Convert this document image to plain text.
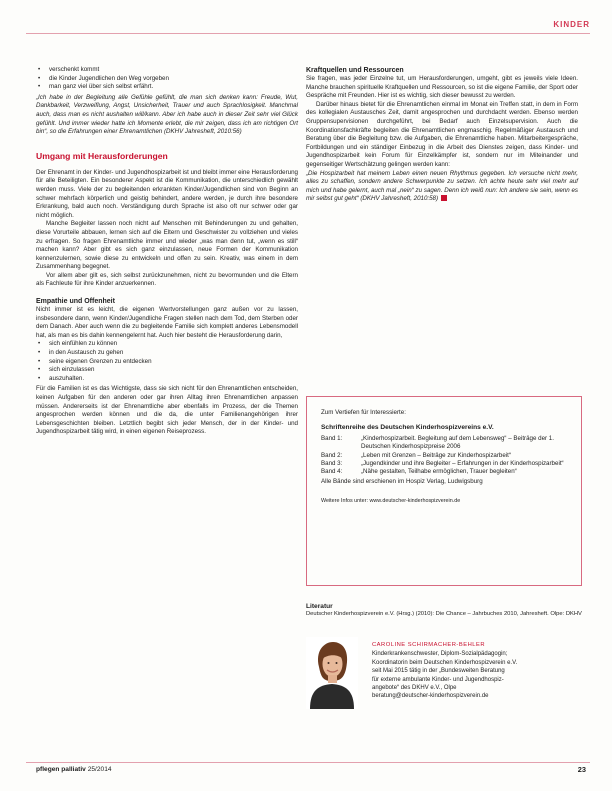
KINDER
• verschenkt kommt
• die Kinder Jugendlichen den Weg vorgeben
• man ganz viel über sich selbst erfährt.

„Ich habe in der Begleitung alle Gefühle gefühlt, die man sich denken kann: Freude, Wut, Dankbarkeit, Verzweiflung, Angst, Unsicherheit, Trauer und auch Sprachlosigkeit. Manchmal auch, dass man es nicht aushalten will/kann. Aber ich habe auch in dieser Zeit sehr viel Glück gefühlt. Und immer wieder hatte ich Momente erlebt, die mir zeigen, dass ich am richtigen Ort bin“, so die Erfahrungen einer Ehrenamtlichen (DKHV Jahresheft, 2010:56)

Umgang mit Herausforderungen

Der Ehrenamt in der Kinder- und Jugendhospizarbeit ist und bleibt immer eine Herausforderung für alle Beteiligten. Ein besonderer Aspekt ist die Kommunikation, die unterschiedlich gewählt werden muss. Viele der zu begleitenden erkrankten Kinder/Jugendlichen sind von Beginn an schwer mehrfach körperlich und geistig behindert, andere werden, je durch ihre besondere Erkrankung, bald auch noch. Verständigung durch Sprache ist also oft nur schwer oder gar nicht möglich.

Manche Begleiter lassen noch nicht auf Menschen mit Behinderungen zu und gehalten, diese Vorurteile abbauen, lernen sich auf die Eltern und Geschwister zu vollziehen und vieles zu erfragen. So fragen Ehrenamtliche immer und wieder „was man denn tut, „wenn es still“ machen kann? Aber gibt es sich ganz einzulassen, neue Formen der Kommunikation kennenzulernen, sowie diese zu entwickeln und offen zu sein. Kreativ, was einem in dem Zusammenhang begegnet.

Vor allem aber gilt es, sich selbst zurückzunehmen, nicht zu bevormunden und die Eltern als Fachleute für ihre Kinder anzuerkennen.

Empathie und Offenheit

Nicht immer ist es leicht, die eigenen Wertvorstellungen ganz außen vor zu lassen, insbesondere dann, wenn Kinder/Jugendliche Fragen stellen nach dem Tod, dem Sterben oder dem Danach. Aber auch wenn die zu begleitende Familie sich komplett anderes Lebensmodell hat, als man es bis dahin kennengelernt hat. Auch hier besteht die Herausforderung darin,

• sich einfühlen zu können
• in den Austausch zu gehen
• seine eigenen Grenzen zu entdecken
• sich einzulassen
• auszuhalten.

Für die Familien ist es das Wichtigste, dass sie sich nicht für den Ehrenamtlichen entscheiden, keinen Aufgaben für den anderen oder gar ihren Alltag ihren Ehrenamtlichen anpassen müssen. Andererseits ist der Ehrenamtliche aber ebenfalls im Prozess, der die Themen angesprochen werden können und die da, die unter Familienangehörigen ihrer Lebensgeschichten bleiben. Letztlich begibt sich jeder Mensch, der in der Kinder- und Jugendhospizarbeit tätig wird, in einen eigenen Reiseprozess.

Kraftquellen und Ressourcen

Sie fragen, was jeder Einzelne tut, um Herausforderungen, umgeht, gibt es jeweils viele Ideen. Manche brauchen spirituelle Kraftquellen und Ressourcen, so ist die eigene Familie, der Sport oder Gespräche mit Freunden. Hier ist es wichtig, sich dieser bewusst zu werden.

Darüber hinaus bietet für die Ehrenamtlichen einmal im Monat ein Treffen statt, in dem in Form des kollegialen Austausches Zeit, damit angesprochen und durchdacht werden. Ebenso werden Gruppensupervisionen durchgeführt, bei Bedarf auch Einzelsupervision. Auch die Koordinationsfachkräfte begleiten die Ehrenamtlichen engmaschig. Regelmäßiger Austausch und Beratung über die Begleitung bzw. die Aufgaben, die Ehrenamtliche haben. Mitarbeitergespräche, Fortbildungen und ein ständiger Einbezug in die Arbeit des Dienstes zeigen, dass Kinder- und Jugendhospizarbeit kein Forum für Einzelkämpfer ist, sondern nur im Miteinander und gegenseitiger Wertschätzung gelingen werden kann:

„Die Hospizarbeit hat meinem Leben einen neuen Rhythmus gegeben. Ich versuche nicht mehr, alles zu schaffen, sondern andere Schwerpunkte zu setzen. Ich achte heute sehr viel mehr auf mich und habe gelernt, auch mal „nein“ zu sagen. Denn ich weiß nun: Ich andere sie sein, wenn es mir selbst gut geht“ (DKHV Jahresheft, 2010:58)

Zum Vertiefen für Interessierte:
Schriftenreihe des Deutschen Kinderhospizvereins e.V.
Band 1:	„Kinderhospizarbeit. Begleitung auf dem Lebensweg“ – Beiträge der 1. Deutschen Kinderhospizpreise 2006
Band 2:	„Leben mit Grenzen – Beiträge zur Kinderhospizarbeit“
Band 3:	„Jugendkinder und ihre Begleiter – Erfahrungen in der Kinderhospizarbeit“
Band 4:	„Nähe gestalten, Teilhabe ermöglichen, Trauer begleiten“
Alle Bände sind erschienen im Hospiz Verlag, Ludwigsburg
Weitere Infos unter: www.deutscher-kinderhospizverein.de
Literatur
Deutscher Kinderhospizverein e.V. (Hrsg.) (2010): Die Chance – Jahrbuches 2010, Jahresheft. Olpe: DKHV
CAROLINE SCHIRMACHER-BEHLER
Kinderkrankenschwester, Diplom-Sozialpädagogin;
Koordinatorin beim Deutschen Kinderhospizverein e.V.
seit Mai 2015 tätig in der „Bundesweiten Beratung
für externe ambulante Kinder- und Jugendhospiz-
angebote“ des DKHV e.V., Olpe
beratung@deutscher-kinderhospizverein.de
pflegen palliativ 25/2014	23
